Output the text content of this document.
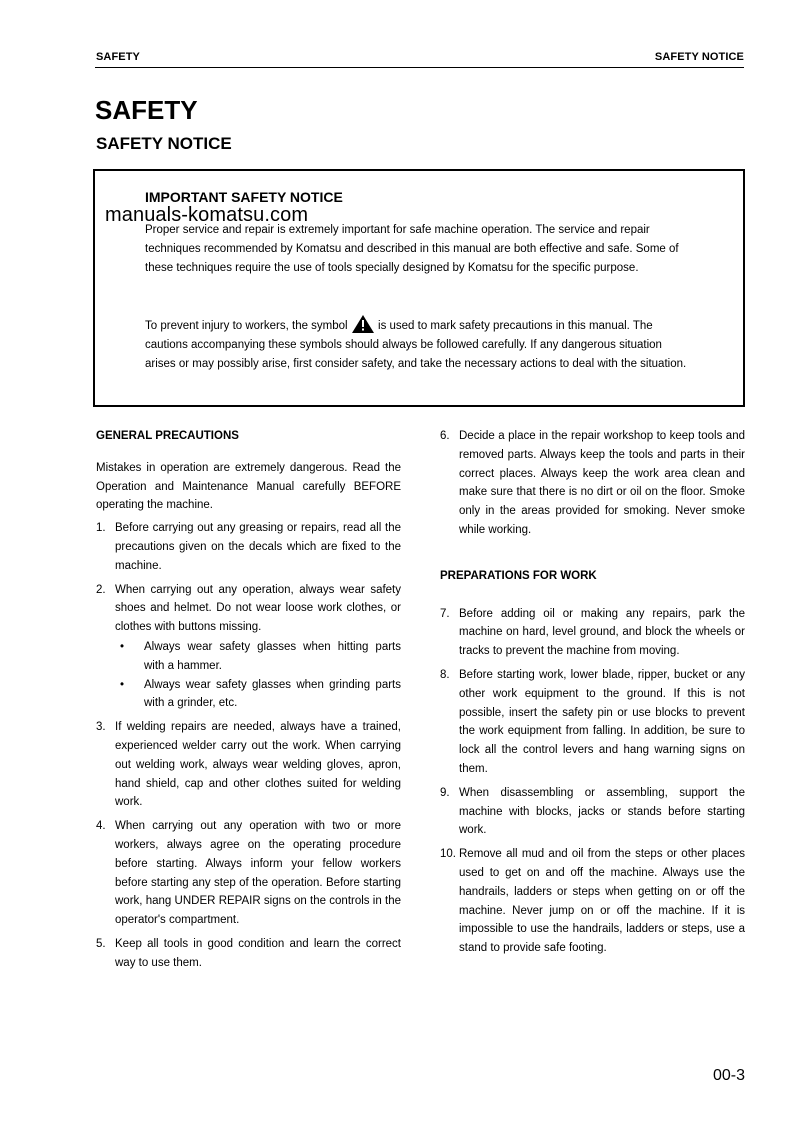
SAFETY	SAFETY NOTICE
SAFETY
SAFETY NOTICE
IMPORTANT SAFETY NOTICE

Proper service and repair is extremely important for safe machine operation. The service and repair techniques recommended by Komatsu and described in this manual are both effective and safe. Some of these techniques require the use of tools specially designed by Komatsu for the specific purpose.

To prevent injury to workers, the symbol	is used to mark safety precautions in this manual. The cautions accompanying these symbols should always be followed carefully. If any dangerous situation arises or may possibly arise, first consider safety, and take the necessary actions to deal with the situation.

manuals-komatsu.com
GENERAL PRECAUTIONS

Mistakes in operation are extremely dangerous. Read the Operation and Maintenance Manual carefully BEFORE operating the machine.

1. Before carrying out any greasing or repairs, read all the precautions given on the decals which are fixed to the machine.
2. When carrying out any operation, always wear safety shoes and helmet. Do not wear loose work clothes, or clothes with buttons missing.
•	Always wear safety glasses when hitting parts with a hammer.
•	Always wear safety glasses when grinding parts with a grinder, etc.
3. If welding repairs are needed, always have a trained, experienced welder carry out the work. When carrying out welding work, always wear welding gloves, apron, hand shield, cap and other clothes suited for welding work.
4. When carrying out any operation with two or more workers, always agree on the operating procedure before starting. Always inform your fellow workers before starting any step of the operation. Before starting work, hang UNDER REPAIR signs on the controls in the operator's compartment.
5. Keep all tools in good condition and learn the correct way to use them.
6. Decide a place in the repair workshop to keep tools and removed parts. Always keep the tools and parts in their correct places. Always keep the work area clean and make sure that there is no dirt or oil on the floor. Smoke only in the areas provided for smoking. Never smoke while working.
PREPARATIONS FOR WORK
7. Before adding oil or making any repairs, park the machine on hard, level ground, and block the wheels or tracks to prevent the machine from moving.
8. Before starting work, lower blade, ripper, bucket or any other work equipment to the ground. If this is not possible, insert the safety pin or use blocks to prevent the work equipment from falling. In addition, be sure to lock all the control levers and hang warning signs on them.
9. When disassembling or assembling, support the machine with blocks, jacks or stands before starting work.
10. Remove all mud and oil from the steps or other places used to get on and off the machine. Always use the handrails, ladders or steps when getting on or off the machine. Never jump on or off the machine. If it is impossible to use the handrails, ladders or steps, use a stand to provide safe footing.
00-3
